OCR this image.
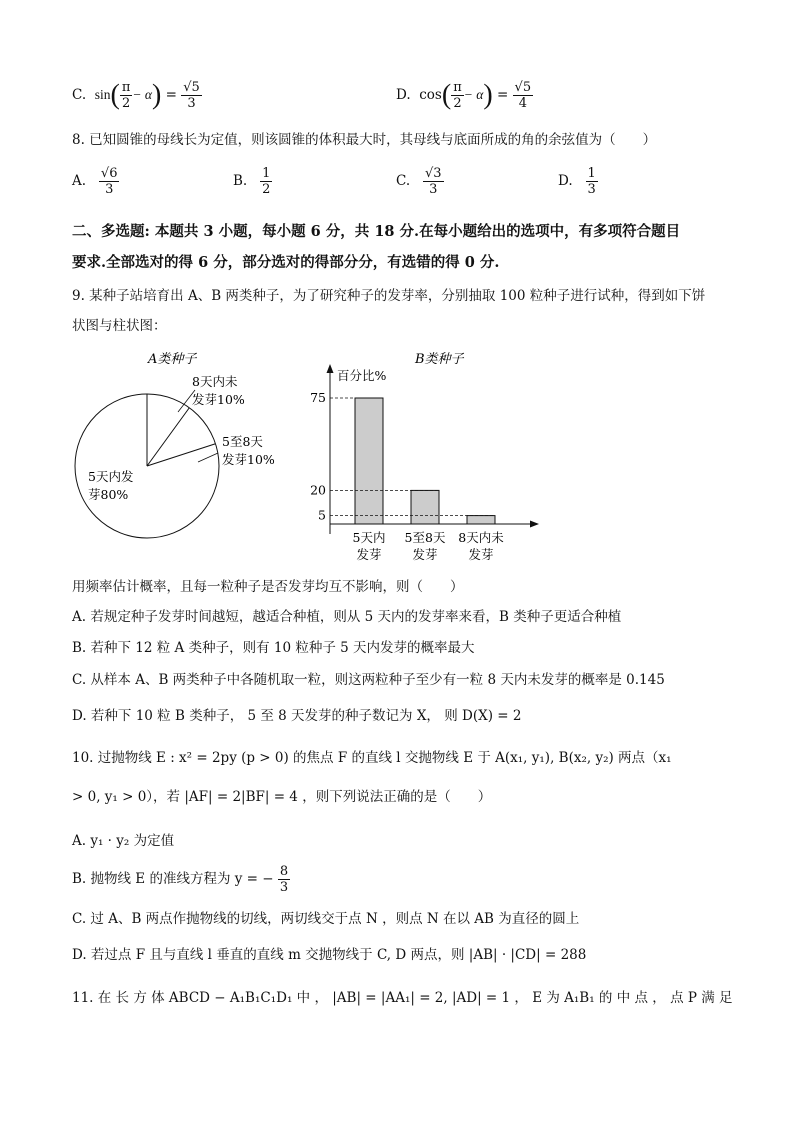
C. $\sin( \frac{\pi}{2} - \alpha) = \frac{√5}{3}$	D. $\cos( \frac{\pi}{2} - \alpha) = \frac{√5}{4}$
8. 已知圆锥的母线长为定值，则该圆锥的体积最大时，其母线与底面所成的角的余弦值为（　　）
A. $\frac{√6}{3}$	B. $\frac{1}{2}$	C. $\frac{√3}{3}$	D. $\frac{1}{3}$
二、多选题: 本题共 3 小题，每小题 6 分，共 18 分.在每小题给出的选项中，有多项符合题目
要求.全部选对的得 6 分，部分选对的得部分分，有选错的得 0 分.
9. 某种子站培育出 A、B 两类种子，为了研究种子的发芽率，分别抽取 100 粒种子进行试种，得到如下饼
状图与柱状图：
A类种子
8天内未
发芽10%
5至8天
发芽10%
5天内发
芽80%
B类种子
百分比%
75
5天内
发芽
20
5至8天
发芽
5
8天内未
发芽
用频率估计概率，且每一粒种子是否发芽均互不影响，则（　　）
A. 若规定种子发芽时间越短，越适合种植，则从 5 天内的发芽率来看，B 类种子更适合种植
B. 若种下 12 粒 A 类种子，则有 10 粒种子 5 天内发芽的概率最大
C. 从样本 A、B 两类种子中各随机取一粒，则这两粒种子至少有一粒 8 天内未发芽的概率是 0.145
D. 若种下 10 粒 B 类种子， 5 至 8 天发芽的种子数记为 X， 则 D(X) = 2
10. 过抛物线 E : x² = 2py (p > 0) 的焦点 F 的直线 l 交抛物线 E 于 A(x₁, y₁), B(x₂, y₂) 两点（x₁
> 0, y₁ > 0），若 |AF| = 2|BF| = 4 ，则下列说法正确的是（　　）
A. y₁ · y₂ 为定值
B. 抛物线 E 的准线方程为 y = − $\frac{8}{3}$
C. 过 A、B 两点作抛物线的切线，两切线交于点 N ，则点 N 在以 AB 为直径的圆上
D. 若过点 F 且与直线 l 垂直的直线 m 交抛物线于 C, D 两点，则 |AB| · |CD| = 288
11. 在 长 方 体 ABCD − A₁B₁C₁D₁ 中 ， |AB| = |AA₁| = 2, |AD| = 1 ， E 为 A₁B₁ 的 中 点 ， 点 P 满 足
